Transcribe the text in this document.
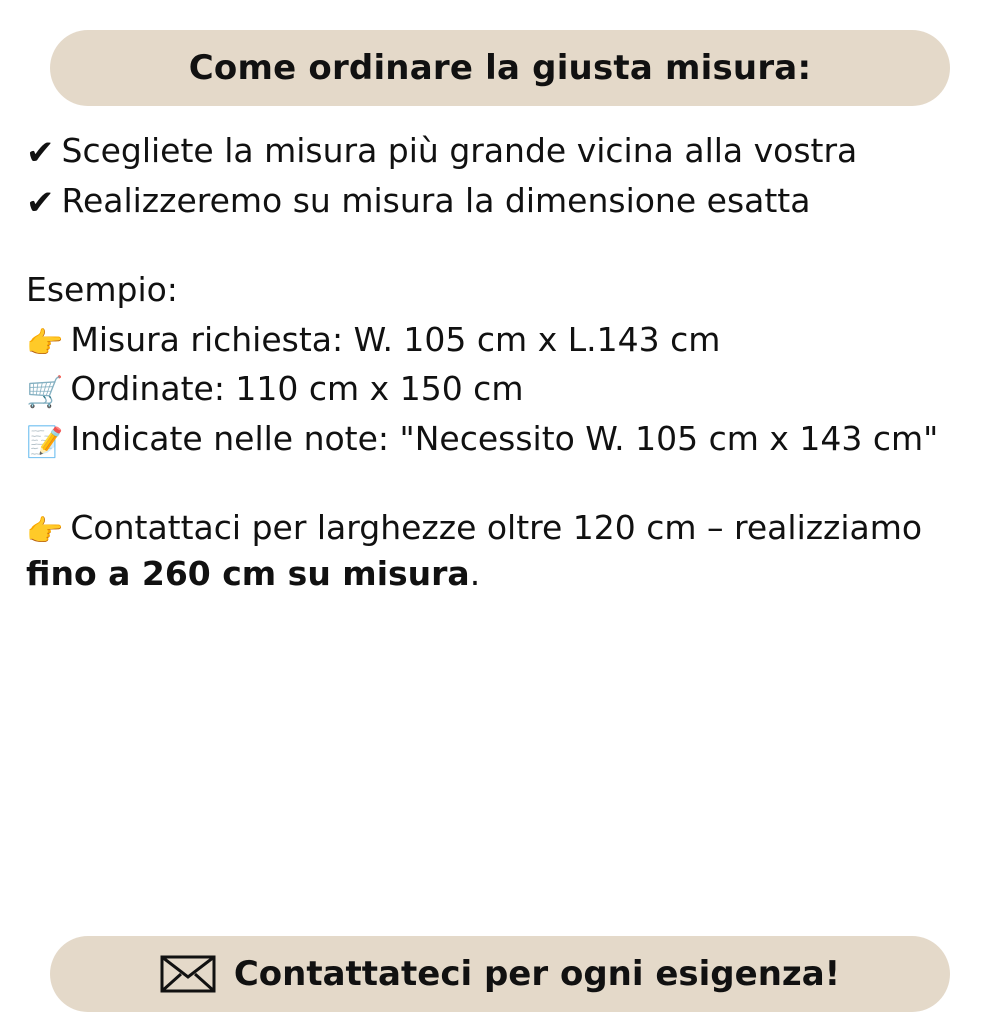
Come ordinare la giusta misura:

✔ Scegliete la misura più grande vicina alla vostra

✔ Realizzeremo su misura la dimensione esatta

Esempio:

👉 Misura richiesta: W. 105 cm x L.143 cm

🛒 Ordinate: 110 cm x 150 cm

📝 Indicate nelle note: "Necessito W. 105 cm x 143 cm"

👉 Contattaci per larghezze oltre 120 cm – realizziamo fino a 260 cm su misura.

Contattateci per ogni esigenza!
